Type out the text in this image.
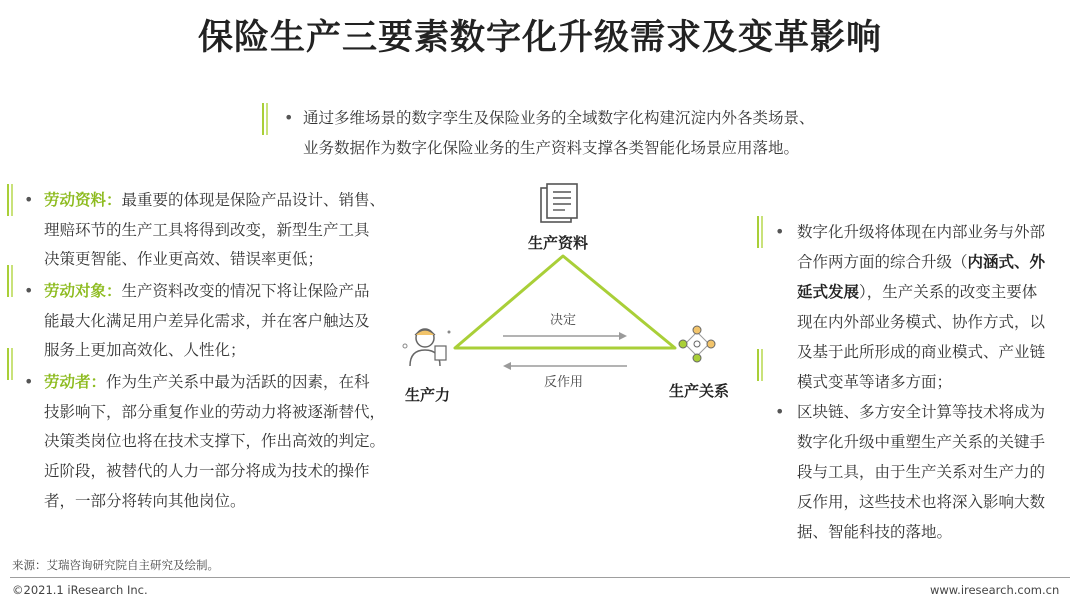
保险生产三要素数字化升级需求及变革影响
• 通过多维场景的数字孪生及保险业务的全域数字化构建沉淀内外各类场景、
业务数据作为数字化保险业务的生产资料支撑各类智能化场景应用落地。
• 劳动资料：最重要的体现是保险产品设计、销售、
理赔环节的生产工具将得到改变，新型生产工具
决策更智能、作业更高效、错误率更低；
• 劳动对象：生产资料改变的情况下将让保险产品
能最大化满足用户差异化需求，并在客户触达及
服务上更加高效化、人性化；
• 劳动者：作为生产关系中最为活跃的因素，在科
技影响下，部分重复作业的劳动力将被逐渐替代，
决策类岗位也将在技术支撑下，作出高效的判定。
近阶段，被替代的人力一部分将成为技术的操作
者，一部分将转向其他岗位。
生产资料
生产力	生产关系
决定
反作用
• 数字化升级将体现在内部业务与外部
合作两方面的综合升级（内涵式、外
延式发展），生产关系的改变主要体
现在内外部业务模式、协作方式，以
及基于此所形成的商业模式、产业链
模式变革等诸多方面；
• 区块链、多方安全计算等技术将成为
数字化升级中重塑生产关系的关键手
段与工具，由于生产关系对生产力的
反作用，这些技术也将深入影响大数
据、智能科技的落地。
来源：艾瑞咨询研究院自主研究及绘制。
©2021.1 iResearch Inc.	www.iresearch.com.cn
